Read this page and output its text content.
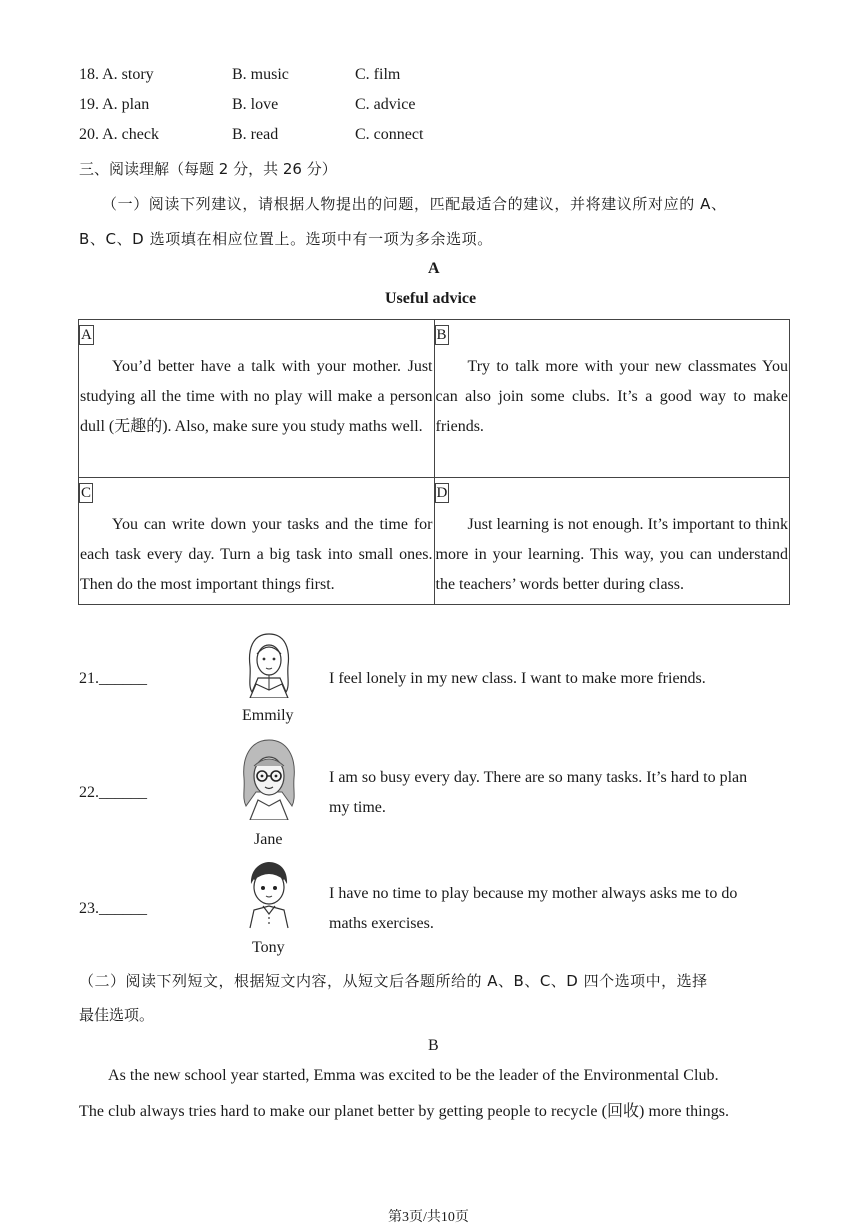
18. A. story	B. music	C. film
19. A. plan	B. love	C. advice
20. A. check	B. read	C. connect
三、阅读理解（每题 2 分，共 26 分）
（一）阅读下列建议，请根据人物提出的问题，匹配最适合的建议，并将建议所对应的 A、
B、C、D 选项填在相应位置上。选项中有一项为多余选项。
A
Useful advice
A
You’d better have a talk with your mother. Just studying all the time with no play will make a person dull (无趣的). Also, make sure you study maths well.	B
Try to talk more with your new classmates You can also join some clubs. It’s a good way to make friends.

C
You can write down your tasks and the time for each task every day. Turn a big task into small ones. Then do the most important things first.	D
Just learning is not enough. It’s important to think more in your learning. This way, you can understand the teachers’ words better during class.
21.______
Emmily
I feel lonely in my new class. I want to make more friends.
22.______
Jane
I am so busy every day. There are so many tasks. It’s hard to plan
my time.
23.______
Tony
I have no time to play because my mother always asks me to do
maths exercises.
（二）阅读下列短文，根据短文内容，从短文后各题所给的 A、B、C、D 四个选项中，选择
最佳选项。
B
As the new school year started, Emma was excited to be the leader of the Environmental Club.
The club always tries hard to make our planet better by getting people to recycle (回收) more things.
第3页/共10页
